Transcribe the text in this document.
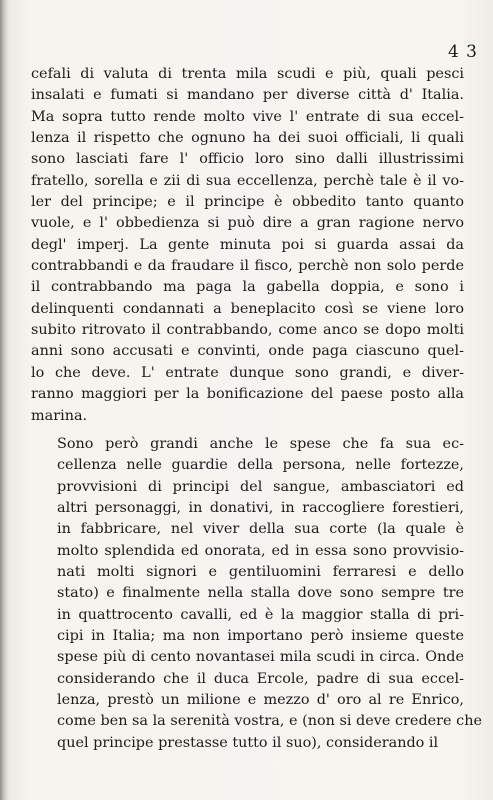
4 3

cefali di valuta di trenta mila scudi e più, quali pesci
insalati e fumati si mandano per diverse città d' Italia.
Ma sopra tutto rende molto vive l' entrate di sua eccel-
lenza il rispetto che ognuno ha dei suoi officiali, li quali
sono lasciati fare l' officio loro sino dalli illustrissimi
fratello, sorella e zii di sua eccellenza, perchè tale è il vo-
ler del principe; e il principe è obbedito tanto quanto
vuole, e l' obbedienza si può dire a gran ragione nervo
degl' imperj. La gente minuta poi si guarda assai da
contrabbandi e da fraudare il fisco, perchè non solo perde
il contrabbando ma paga la gabella doppia, e sono i
delinquenti condannati a beneplacito così se viene loro
subito ritrovato il contrabbando, come anco se dopo molti
anni sono accusati e convinti, onde paga ciascuno quel-
lo che deve. L' entrate dunque sono grandi, e diver-
ranno maggiori per la bonificazione del paese posto alla
marina.

Sono però grandi anche le spese che fa sua ec-
cellenza nelle guardie della persona, nelle fortezze,
provvisioni di principi del sangue, ambasciatori ed
altri personaggi, in donativi, in raccogliere forestieri,
in fabbricare, nel viver della sua corte (la quale è
molto splendida ed onorata, ed in essa sono provvisio-
nati molti signori e gentiluomini ferraresi e dello
stato) e finalmente nella stalla dove sono sempre tre
in quattrocento cavalli, ed è la maggior stalla di pri-
cipi in Italia; ma non importano però insieme queste
spese più di cento novantasei mila scudi in circa. Onde
considerando che il duca Ercole, padre di sua eccel-
lenza, prestò un milione e mezzo d' oro al re Enrico,
come ben sa la serenità vostra, e (non si deve credere che
quel principe prestasse tutto il suo), considerando il
